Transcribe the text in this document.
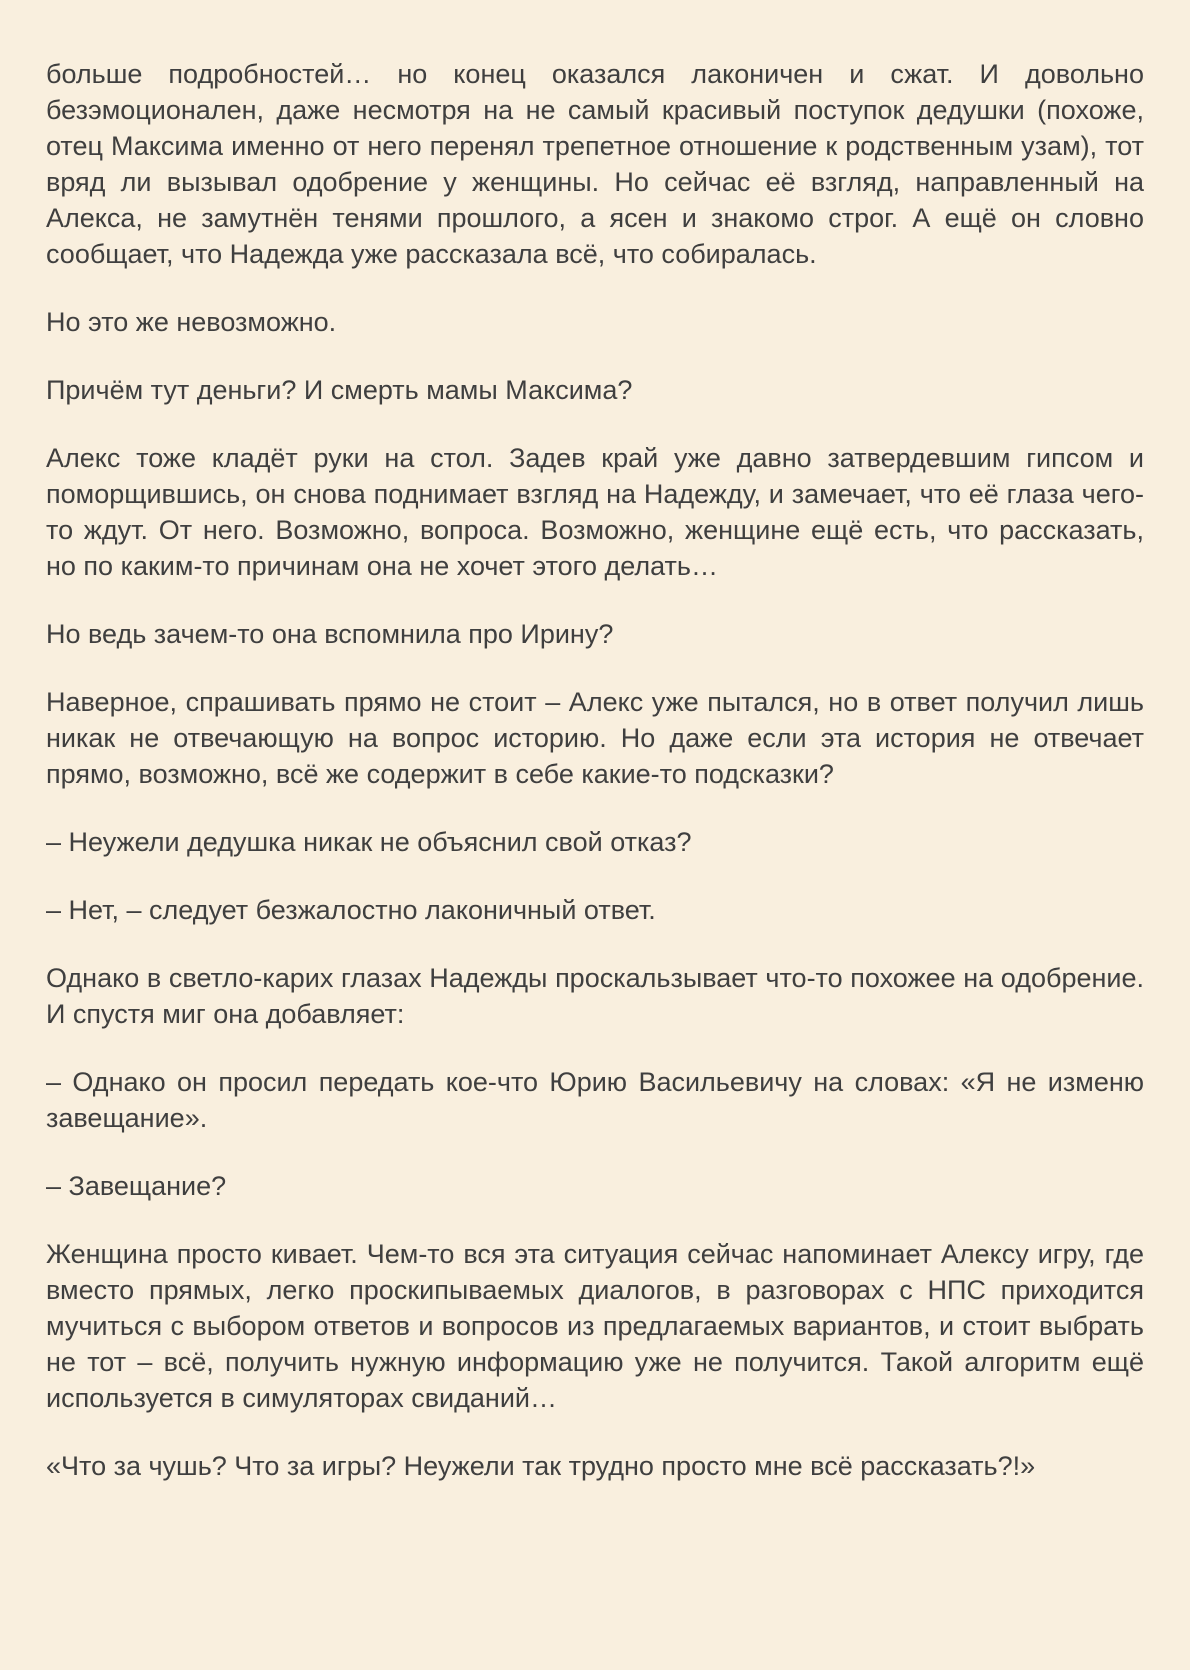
больше подробностей… но конец оказался лаконичен и сжат. И довольно безэмоционален, даже несмотря на не самый красивый поступок дедушки (похоже, отец Максима именно от него перенял трепетное отношение к родственным узам), тот вряд ли вызывал одобрение у женщины. Но сейчас её взгляд, направленный на Алекса, не замутнён тенями прошлого, а ясен и знакомо строг. А ещё он словно сообщает, что Надежда уже рассказала всё, что собиралась.

Но это же невозможно.

Причём тут деньги? И смерть мамы Максима?

Алекс тоже кладёт руки на стол. Задев край уже давно затвердевшим гипсом и поморщившись, он снова поднимает взгляд на Надежду, и замечает, что её глаза чего-то ждут. От него. Возможно, вопроса. Возможно, женщине ещё есть, что рассказать, но по каким-то причинам она не хочет этого делать…

Но ведь зачем-то она вспомнила про Ирину?

Наверное, спрашивать прямо не стоит – Алекс уже пытался, но в ответ получил лишь никак не отвечающую на вопрос историю. Но даже если эта история не отвечает прямо, возможно, всё же содержит в себе какие-то подсказки?

– Неужели дедушка никак не объяснил свой отказ?

– Нет, – следует безжалостно лаконичный ответ.

Однако в светло-карих глазах Надежды проскальзывает что-то похожее на одобрение. И спустя миг она добавляет:

– Однако он просил передать кое-что Юрию Васильевичу на словах: «Я не изменю завещание».

– Завещание?

Женщина просто кивает. Чем-то вся эта ситуация сейчас напоминает Алексу игру, где вместо прямых, легко проскипываемых диалогов, в разговорах с НПС приходится мучиться с выбором ответов и вопросов из предлагаемых вариантов, и стоит выбрать не тот – всё, получить нужную информацию уже не получится. Такой алгоритм ещё используется в симуляторах свиданий…

«Что за чушь? Что за игры? Неужели так трудно просто мне всё рассказать?!»
